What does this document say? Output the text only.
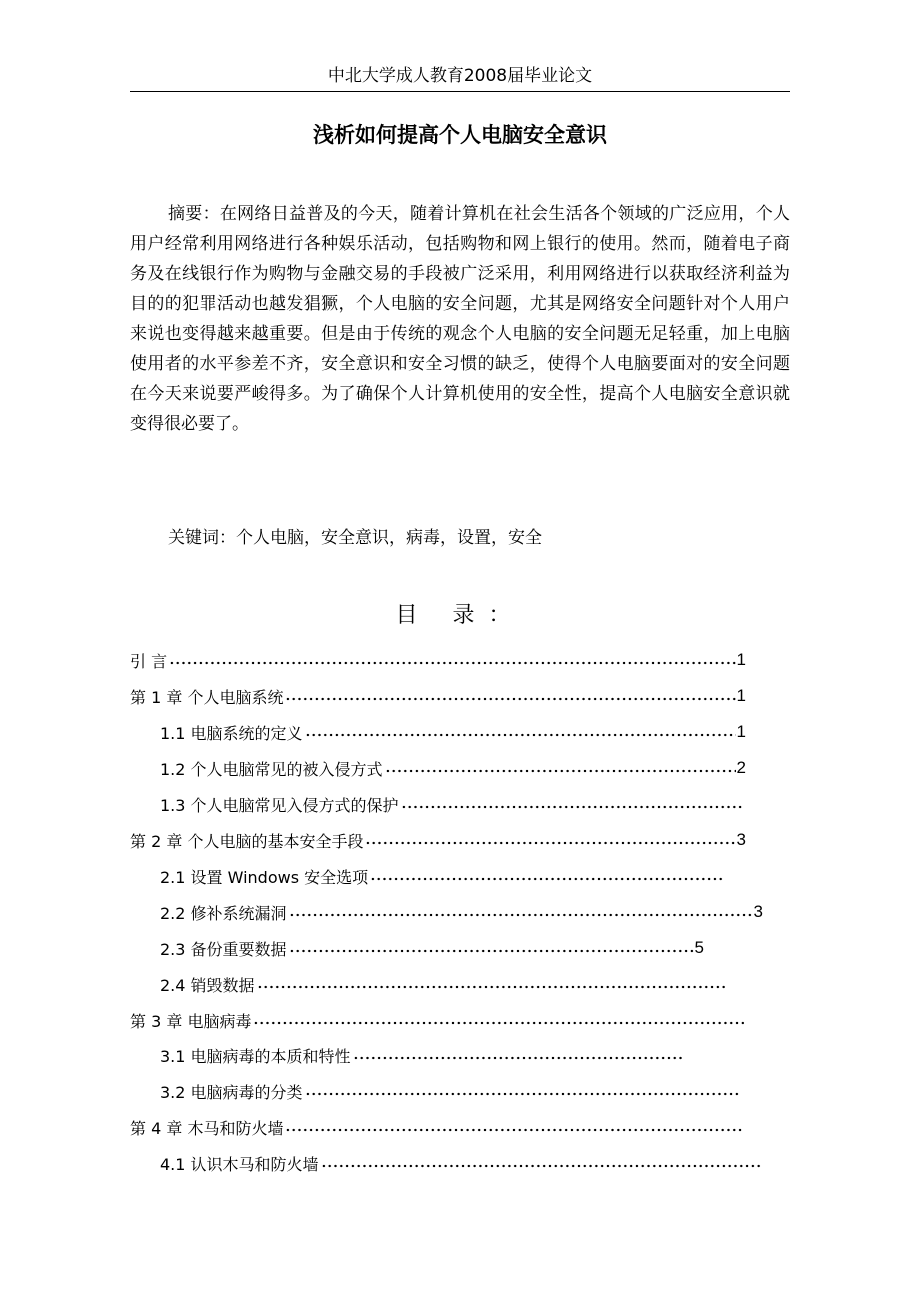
中北大学成人教育2008届毕业论文
浅析如何提高个人电脑安全意识

摘要：在网络日益普及的今天，随着计算机在社会生活各个领域的广泛应用，个人用户经常利用网络进行各种娱乐活动，包括购物和网上银行的使用。然而，随着电子商务及在线银行作为购物与金融交易的手段被广泛采用，利用网络进行以获取经济利益为目的的犯罪活动也越发猖獗，个人电脑的安全问题，尤其是网络安全问题针对个人用户来说也变得越来越重要。但是由于传统的观念个人电脑的安全问题无足轻重，加上电脑使用者的水平参差不齐，安全意识和安全习惯的缺乏，使得个人电脑要面对的安全问题在今天来说要严峻得多。为了确保个人计算机使用的安全性，提高个人电脑安全意识就变得很必要了。

关键词：个人电脑，安全意识，病毒，设置，安全
目 录：
引 言	1
第 1 章 个人电脑系统	1
1.1 电脑系统的定义	1
1.2 个人电脑常见的被入侵方式	2
1.3 个人电脑常见入侵方式的保护
第 2 章 个人电脑的基本安全手段	3
2.1 设置 Windows 安全选项
2.2 修补系统漏洞	3
2.3 备份重要数据	5
2.4 销毁数据
第 3 章 电脑病毒
3.1 电脑病毒的本质和特性
3.2 电脑病毒的分类
第 4 章 木马和防火墙
4.1 认识木马和防火墙
